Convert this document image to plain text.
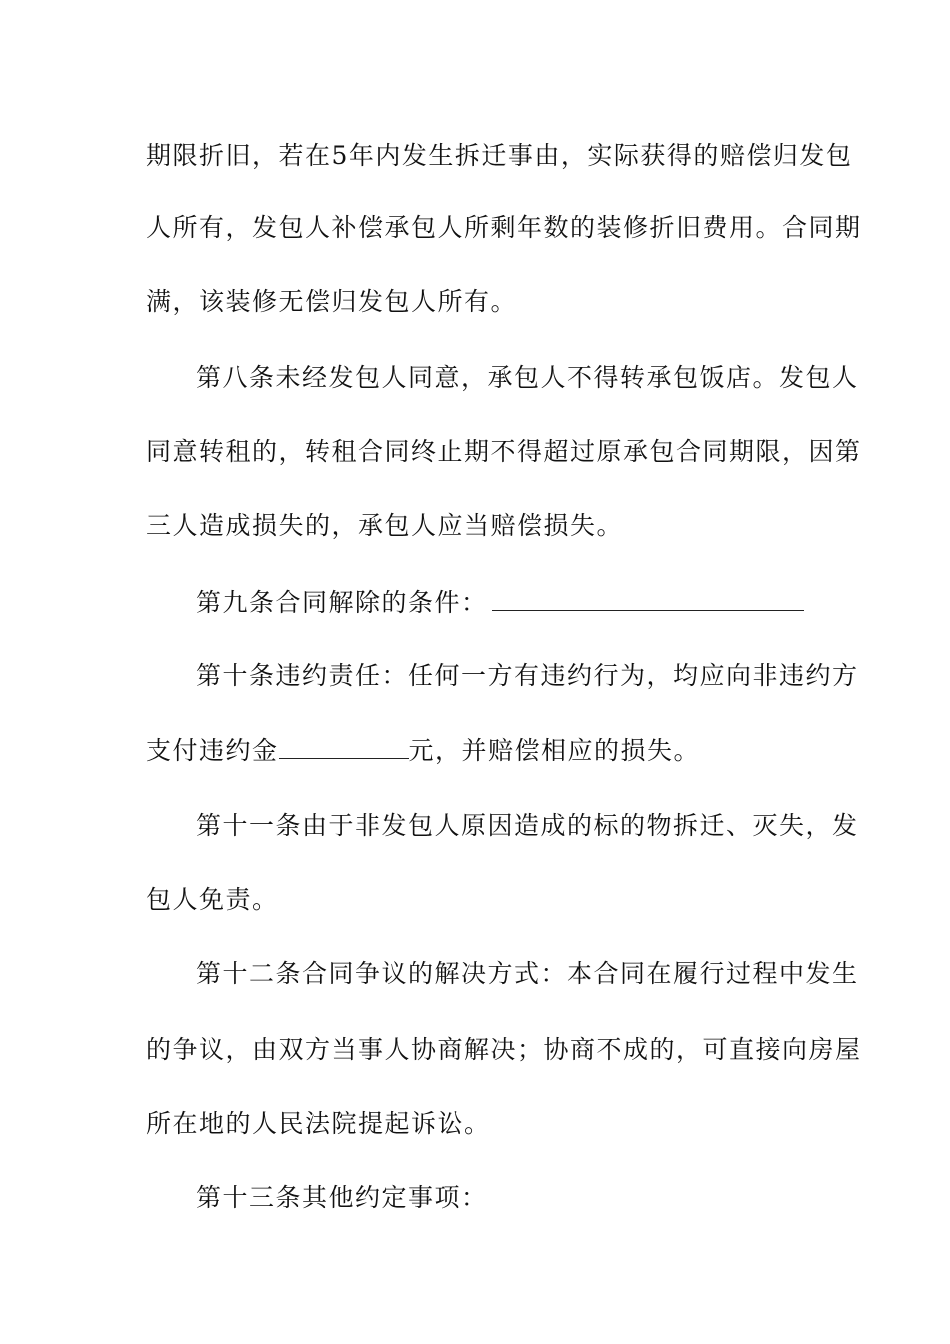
期限折旧，若在5年内发生拆迁事由，实际获得的赔偿归发包
人所有，发包人补偿承包人所剩年数的装修折旧费用。合同期
满，该装修无偿归发包人所有。
第八条未经发包人同意，承包人不得转承包饭店。发包人
同意转租的，转租合同终止期不得超过原承包合同期限，因第
三人造成损失的，承包人应当赔偿损失。
第九条合同解除的条件：
第十条违约责任：任何一方有违约行为，均应向非违约方
支付违约金	元，并赔偿相应的损失。
第十一条由于非发包人原因造成的标的物拆迁、灭失，发
包人免责。
第十二条合同争议的解决方式：本合同在履行过程中发生
的争议，由双方当事人协商解决；协商不成的，可直接向房屋
所在地的人民法院提起诉讼。
第十三条其他约定事项：
